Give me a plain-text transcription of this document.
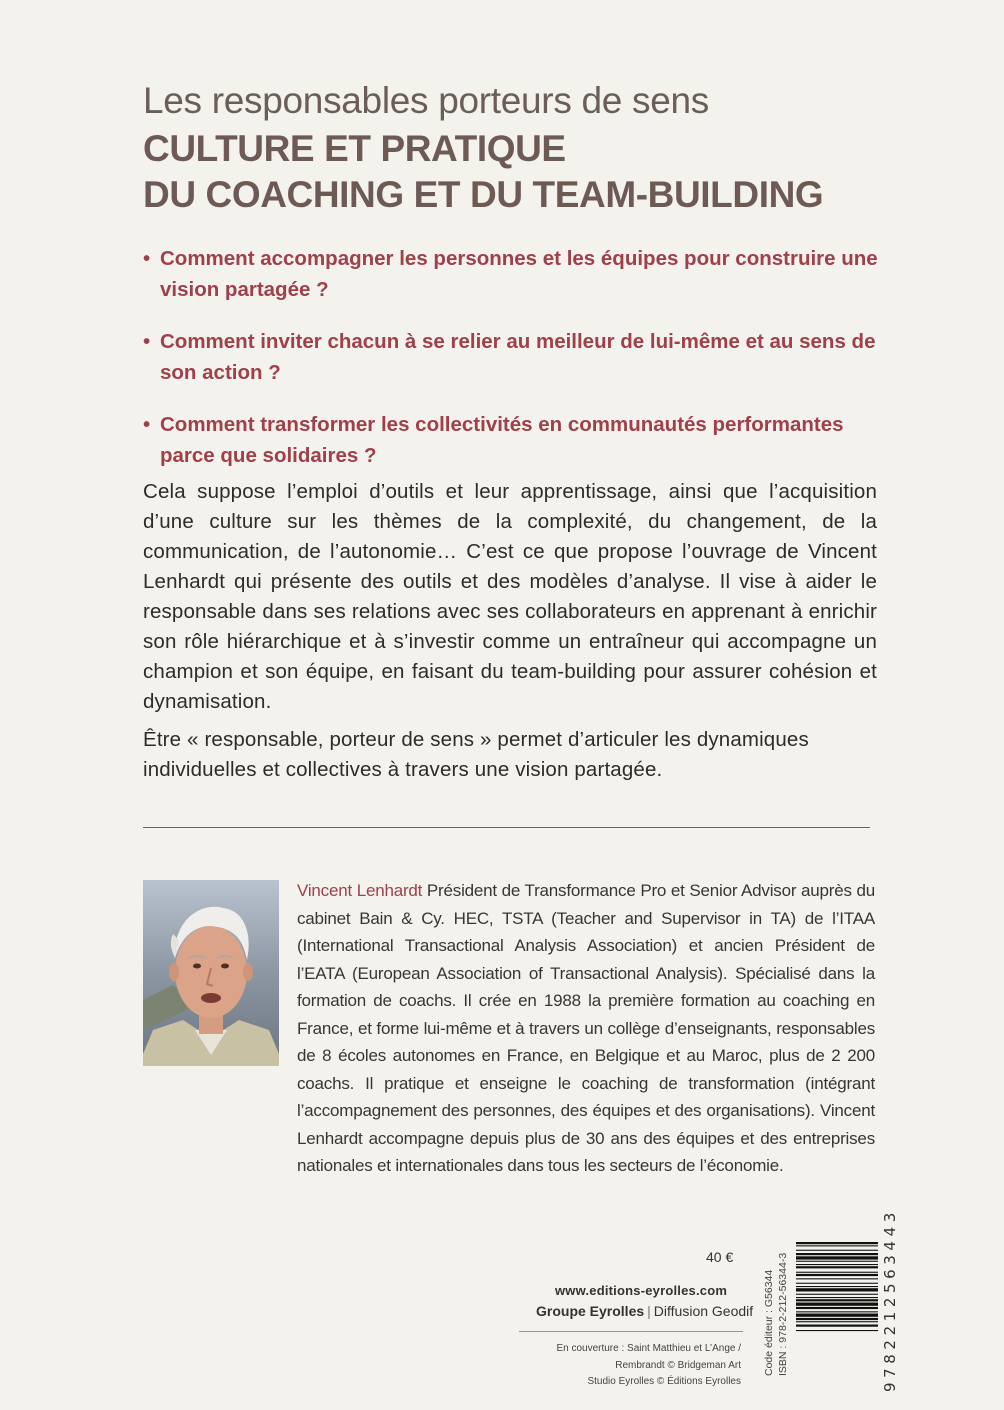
Les responsables porteurs de sens
CULTURE ET PRATIQUE
DU COACHING ET DU TEAM-BUILDING
• Comment accompagner les personnes et les équipes pour construire une vision partagée ?
• Comment inviter chacun à se relier au meilleur de lui-même et au sens de son action ?
• Comment transformer les collectivités en communautés performantes parce que solidaires ?
Cela suppose l’emploi d’outils et leur apprentissage, ainsi que l’acquisition d’une culture sur les thèmes de la complexité, du changement, de la communication, de l’autonomie… C’est ce que propose l’ouvrage de Vincent Lenhardt qui présente des outils et des modèles d’analyse. Il vise à aider le responsable dans ses relations avec ses collaborateurs en apprenant à enrichir son rôle hiérarchique et à s’investir comme un entraîneur qui accompagne un champion et son équipe, en faisant du team-building pour assurer cohésion et dynamisation.
Être « responsable, porteur de sens » permet d’articuler les dynamiques individuelles et collectives à travers une vision partagée.
Vincent Lenhardt Président de Transformance Pro et Senior Advisor auprès du cabinet Bain & Cy. HEC, TSTA (Teacher and Supervisor in TA) de l’ITAA (International Transactional Analysis Association) et ancien Président de l’EATA (European Association of Transactional Analysis). Spécialisé dans la formation de coachs. Il crée en 1988 la première formation au coaching en France, et forme lui-même et à travers un collège d’enseignants, responsables de 8 écoles autonomes en France, en Belgique et au Maroc, plus de 2 200 coachs. Il pratique et enseigne le coaching de transformation (intégrant l’accompagnement des personnes, des équipes et des organisations). Vincent Lenhardt accompagne depuis plus de 30 ans des équipes et des entreprises nationales et internationales dans tous les secteurs de l’économie.
40 €
www.editions-eyrolles.com
Groupe Eyrolles | Diffusion Geodif
En couverture : Saint Matthieu et L’Ange /
Rembrandt © Bridgeman Art
Studio Eyrolles © Éditions Eyrolles
Code éditeur : G56344 ISBN : 978-2-212-56344-3	9782212563443
